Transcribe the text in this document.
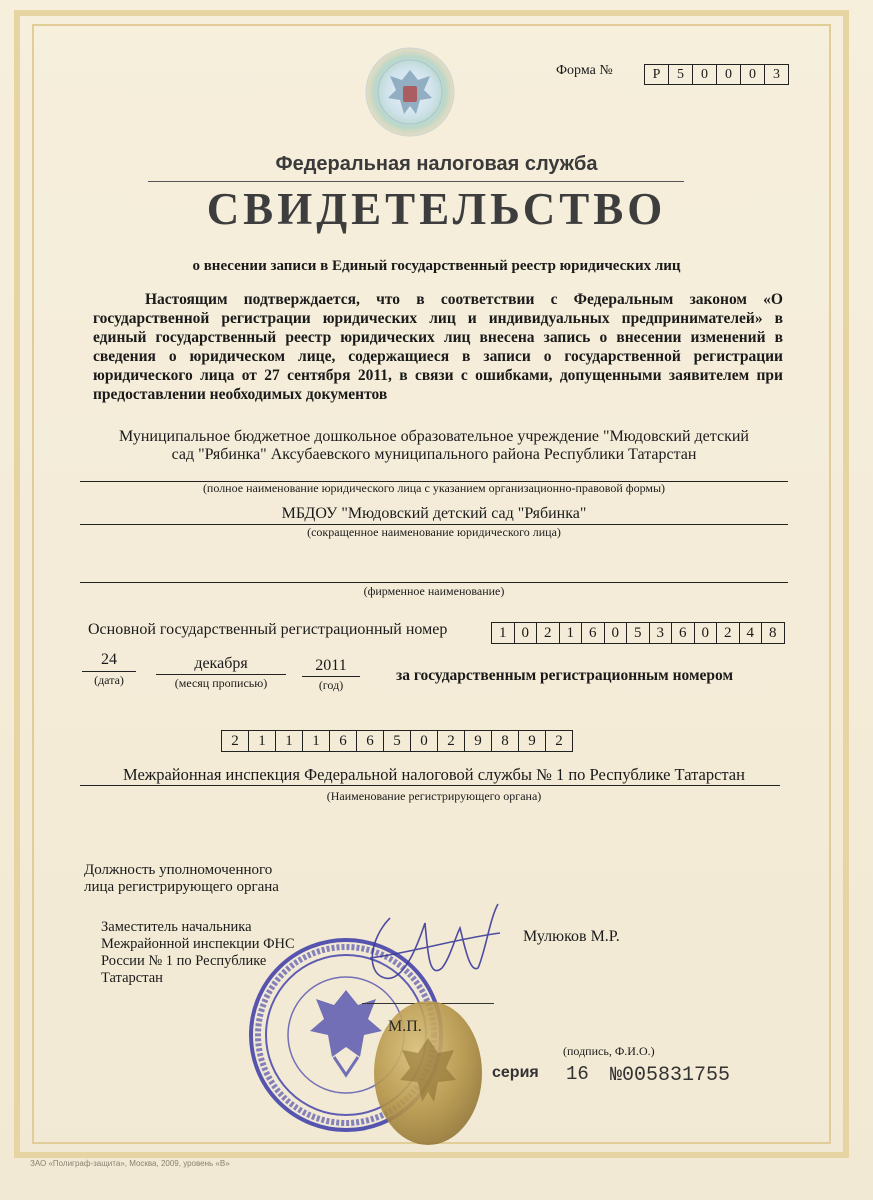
Форма №	Р	5	0	0	0	3
Федеральная налоговая служба
СВИДЕТЕЛЬСТВО
о внесении записи в Единый государственный реестр юридических лиц
Настоящим подтверждается, что в соответствии с Федеральным законом «О государственной регистрации юридических лиц и индивидуальных предпринимателей» в единый государственный реестр юридических лиц внесена запись о внесении изменений в сведения о юридическом лице, содержащиеся в записи о государственной регистрации юридического лица от 27 сентября 2011, в связи с ошибками, допущенными заявителем при предоставлении необходимых документов
Муниципальное бюджетное дошкольное образовательное учреждение "Мюдовский детский
сад "Рябинка" Аксубаевского муниципального района Республики Татарстан
(полное наименование юридического лица с указанием организационно-правовой формы)
МБДОУ "Мюдовский детский сад "Рябинка"
(сокращенное наименование юридического лица)
(фирменное наименование)
Основной государственный регистрационный номер	1	0	2	1	6	0	5	3	6	0	2	4	8
24
(дата)
декабря
(месяц прописью)
2011
(год)
за государственным регистрационным номером
2	1	1	1	6	6	5	0	2	9	8	9	2
Межрайонная инспекция Федеральной налоговой службы № 1 по Республике Татарстан
(Наименование регистрирующего органа)
Должность уполномоченного
лица регистрирующего органа
Заместитель начальника
Межрайонной инспекции ФНС
России № 1 по Республике
Татарстан
Мулюков М.Р.
М.П.
(подпись, Ф.И.О.)
серия 16 №005831755
ЗАО «Полиграф-защита», Москва, 2009, уровень «В»
